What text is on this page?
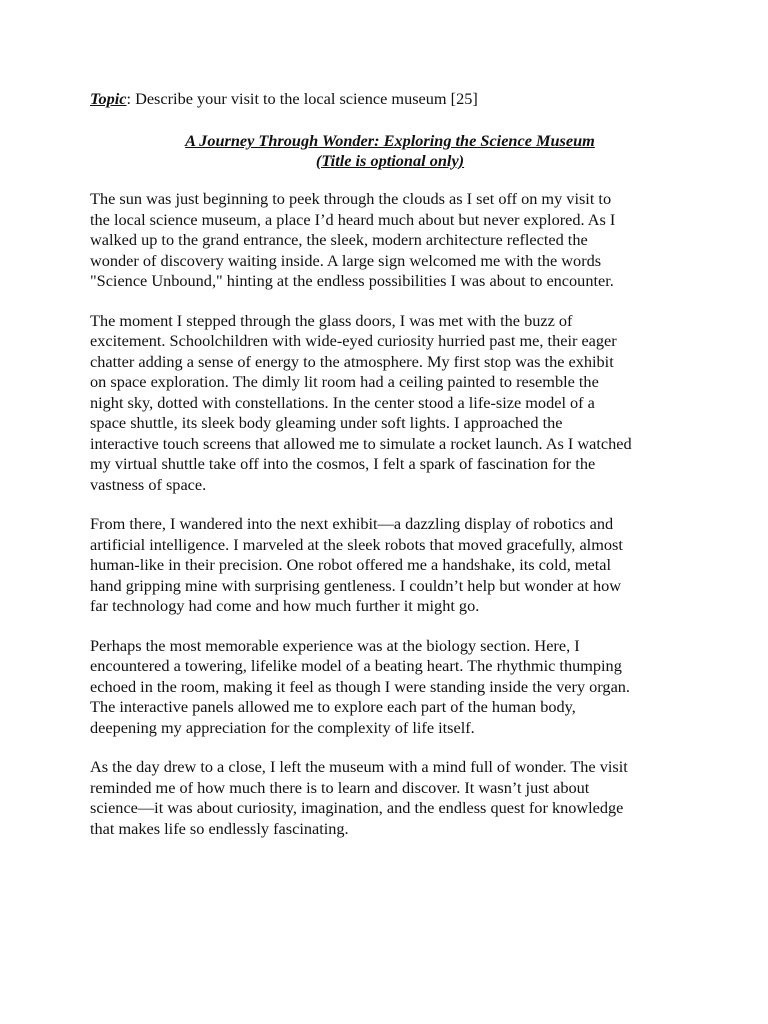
Topic: Describe your visit to the local science museum [25]
A Journey Through Wonder: Exploring the Science Museum
(Title is optional only)
The sun was just beginning to peek through the clouds as I set off on my visit to
the local science museum, a place I’d heard much about but never explored. As I
walked up to the grand entrance, the sleek, modern architecture reflected the
wonder of discovery waiting inside. A large sign welcomed me with the words
"Science Unbound," hinting at the endless possibilities I was about to encounter.
The moment I stepped through the glass doors, I was met with the buzz of
excitement. Schoolchildren with wide-eyed curiosity hurried past me, their eager
chatter adding a sense of energy to the atmosphere. My first stop was the exhibit
on space exploration. The dimly lit room had a ceiling painted to resemble the
night sky, dotted with constellations. In the center stood a life-size model of a
space shuttle, its sleek body gleaming under soft lights. I approached the
interactive touch screens that allowed me to simulate a rocket launch. As I watched
my virtual shuttle take off into the cosmos, I felt a spark of fascination for the
vastness of space.
From there, I wandered into the next exhibit—a dazzling display of robotics and
artificial intelligence. I marveled at the sleek robots that moved gracefully, almost
human-like in their precision. One robot offered me a handshake, its cold, metal
hand gripping mine with surprising gentleness. I couldn’t help but wonder at how
far technology had come and how much further it might go.
Perhaps the most memorable experience was at the biology section. Here, I
encountered a towering, lifelike model of a beating heart. The rhythmic thumping
echoed in the room, making it feel as though I were standing inside the very organ.
The interactive panels allowed me to explore each part of the human body,
deepening my appreciation for the complexity of life itself.
As the day drew to a close, I left the museum with a mind full of wonder. The visit
reminded me of how much there is to learn and discover. It wasn’t just about
science—it was about curiosity, imagination, and the endless quest for knowledge
that makes life so endlessly fascinating.
